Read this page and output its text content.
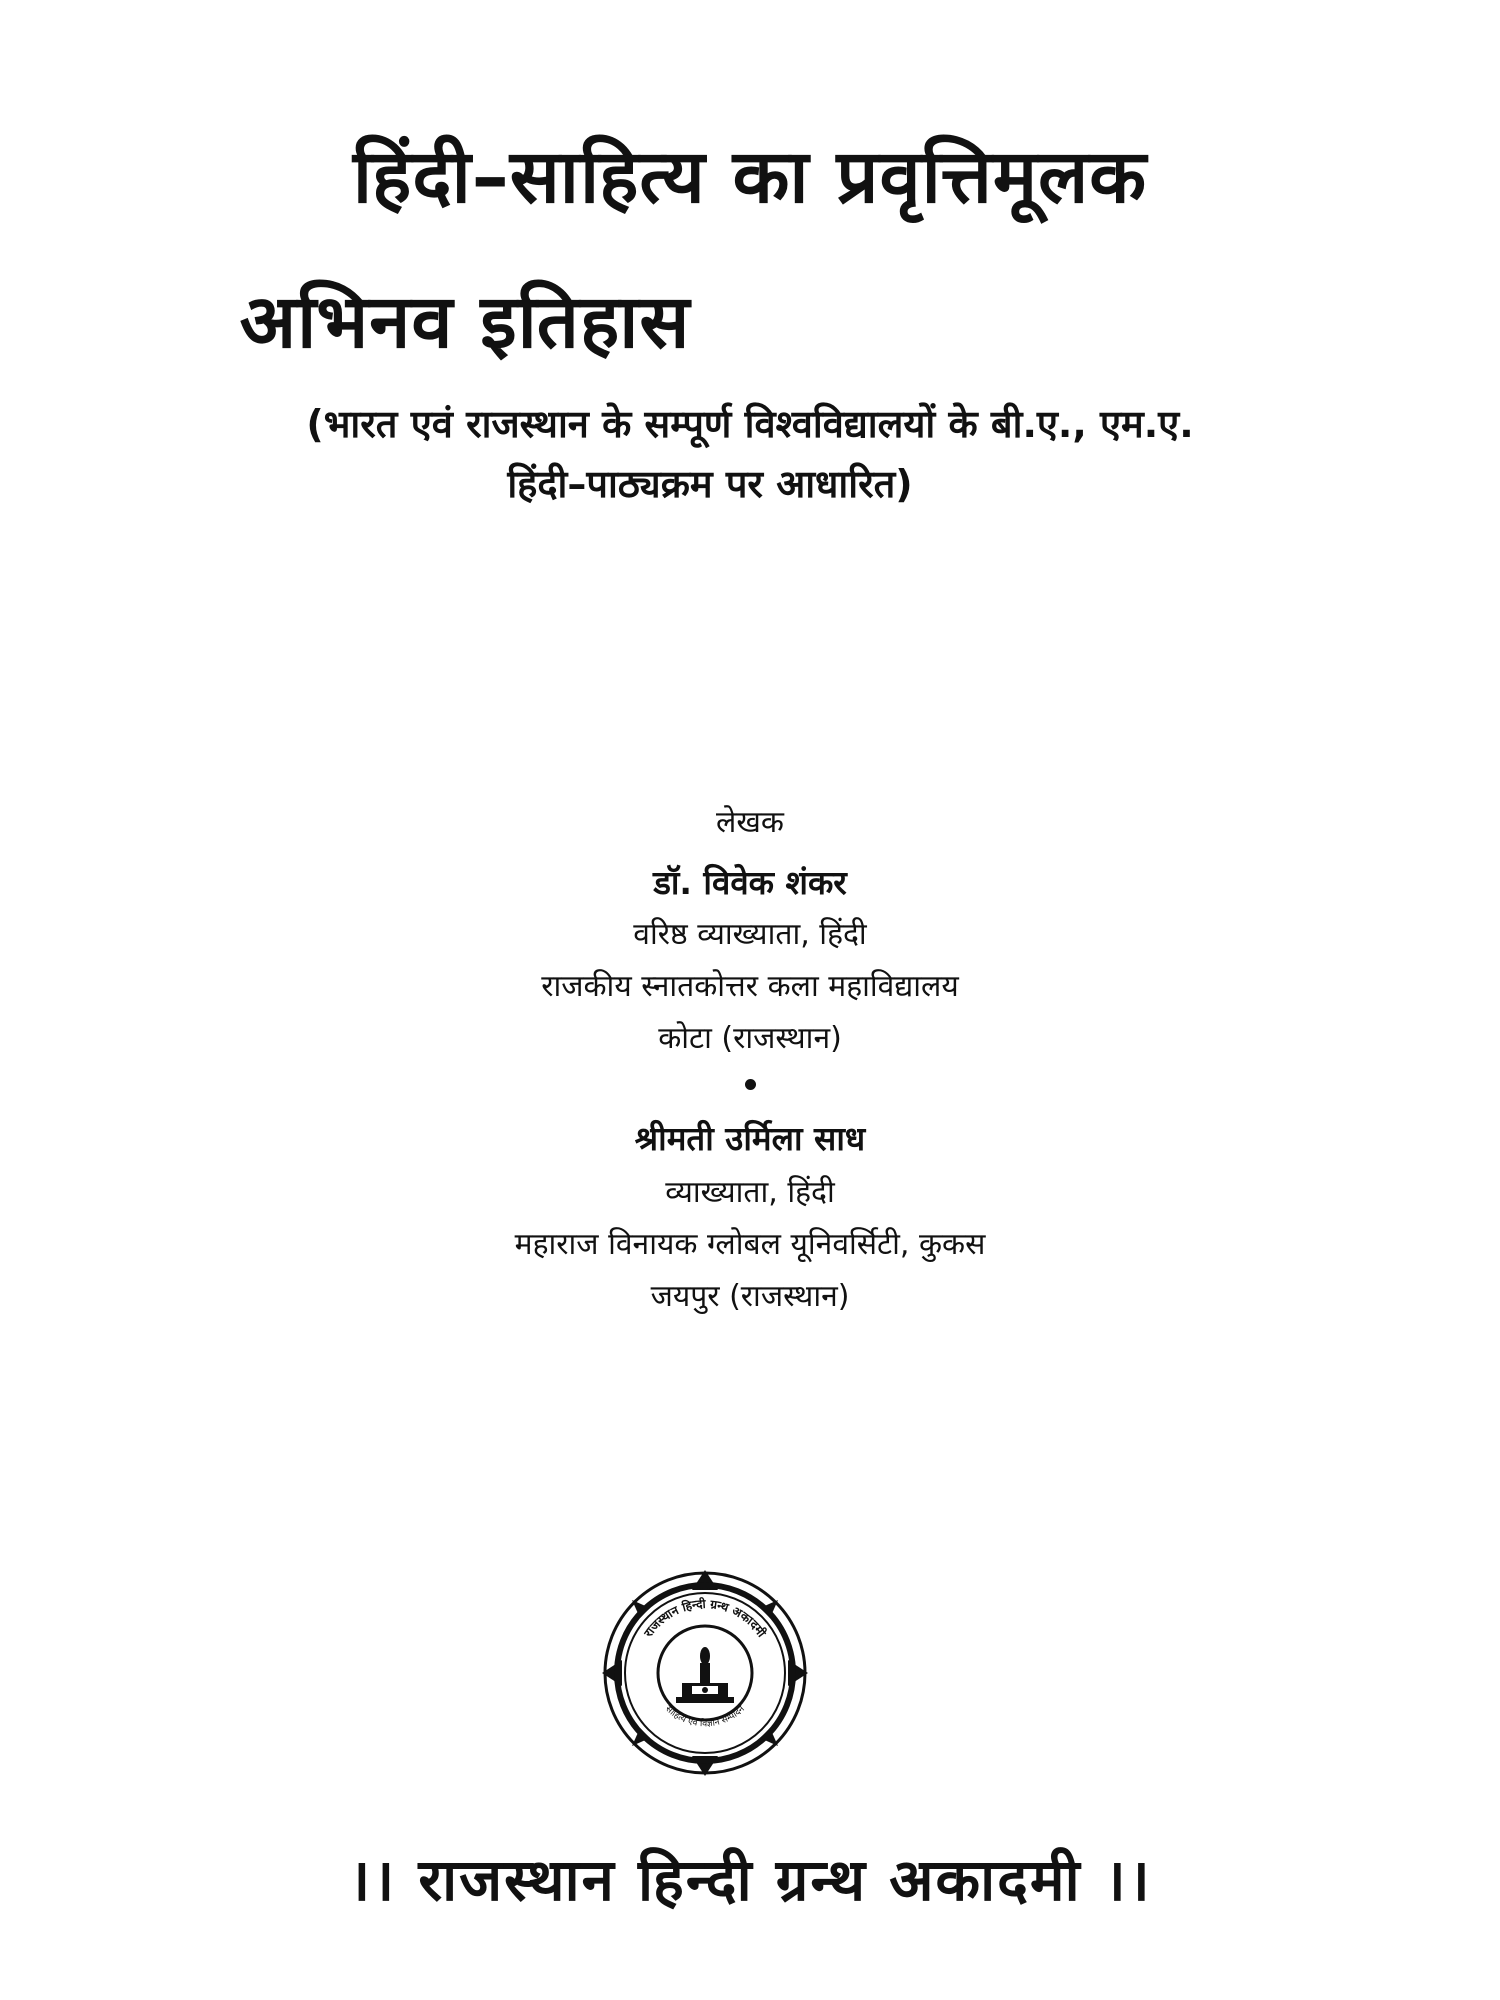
हिंदी–साहित्य का प्रवृत्तिमूलक
अभिनव इतिहास
(भारत एवं राजस्थान के सम्पूर्ण विश्वविद्यालयों के बी.ए., एम.ए.
हिंदी–पाठ्यक्रम पर आधारित)
लेखक
डॉ. विवेक शंकर
वरिष्ठ व्याख्याता, हिंदी
राजकीय स्नातकोत्तर कला महाविद्यालय
कोटा (राजस्थान)
श्रीमती उर्मिला साध
व्याख्याता, हिंदी
महाराज विनायक ग्लोबल यूनिवर्सिटी, कुकस
जयपुर (राजस्थान)
राजस्थान हिन्दी ग्रन्थ अकादमी
साहित्य एवं विज्ञान सम्पादन
।। राजस्थान हिन्दी ग्रन्थ अकादमी ।।
